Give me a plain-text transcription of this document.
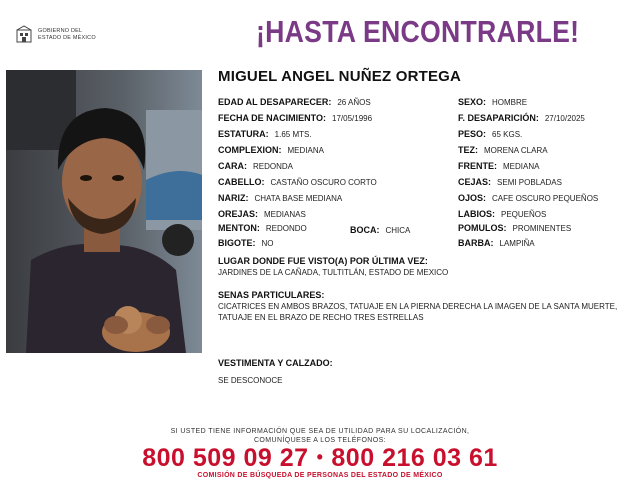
GOBIERNO DEL
ESTADO DE MÉXICO	¡HASTA ENCONTRARLE!
MIGUEL ANGEL NUÑEZ ORTEGA
EDAD AL DESAPARECER: 26 AÑOS
FECHA DE NACIMIENTO: 17/05/1996
ESTATURA: 1.65 MTS.
COMPLEXION: MEDIANA
CARA: REDONDA
CABELLO: CASTAÑO OSCURO CORTO
NARIZ: CHATA BASE MEDIANA
OREJAS: MEDIANAS
MENTON: REDONDO	BOCA: CHICA
BIGOTE: NO
SEXO: HOMBRE
F. DESAPARICIÓN: 27/10/2025
PESO: 65 KGS.
TEZ: MORENA CLARA
FRENTE: MEDIANA
CEJAS: SEMI POBLADAS
OJOS: CAFE OSCURO PEQUEÑOS
LABIOS: PEQUEÑOS
POMULOS: PROMINENTES
BARBA: LAMPIÑA
LUGAR DONDE FUE VISTO(A) POR ÚLTIMA VEZ:
JARDINES DE LA CAÑADA, TULTITLÁN, ESTADO DE MEXICO
SENAS PARTICULARES:
CICATRICES EN AMBOS BRAZOS, TATUAJE EN LA PIERNA DERECHA LA IMAGEN DE LA SANTA MUERTE, TATUAJE EN EL BRAZO DE RECHO TRES ESTRELLAS
VESTIMENTA Y CALZADO:
SE DESCONOCE
SI USTED TIENE INFORMACIÓN QUE SEA DE UTILIDAD PARA SU LOCALIZACIÓN,
COMUNÍQUESE A LOS TELÉFONOS:
800 509 09 27 • 800 216 03 61
COMISIÓN DE BÚSQUEDA DE PERSONAS DEL ESTADO DE MÉXICO
